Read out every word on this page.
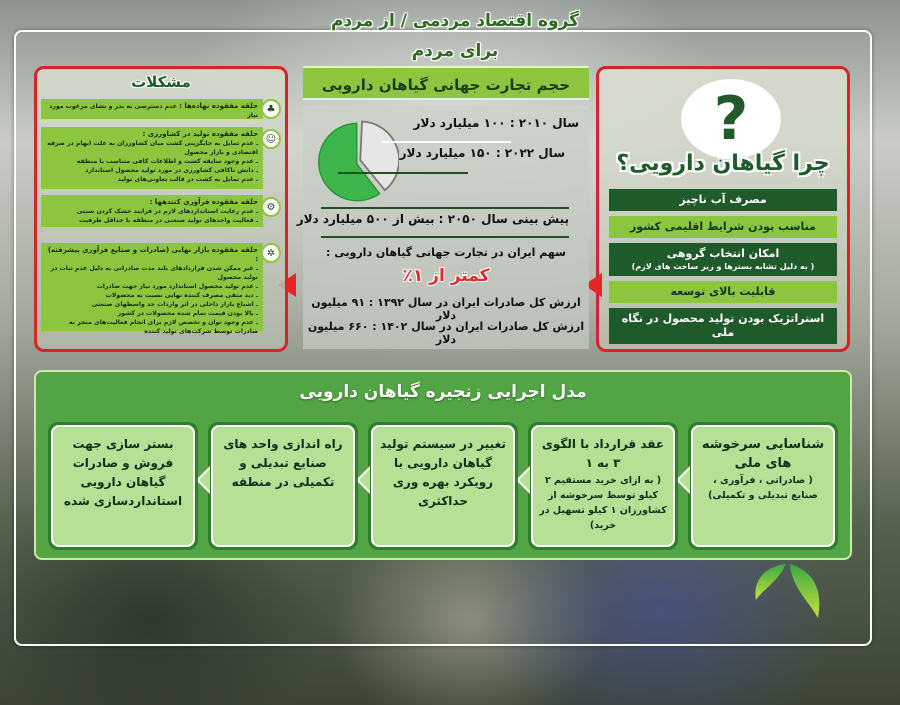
گروه اقتصاد مردمی / از مردم برای مردم
?
چرا گیاهان دارویی؟
مصرف آب ناچیز
مناسب بودن شرایط اقلیمی کشور
امکان انتخاب گروهی
( به دلیل تشابه بسترها و زیر ساخت های لازم)
قابلیت بالای توسعه
استراتژیک بودن تولید محصول در نگاه ملی
حجم تجارت جهانی گیاهان دارویی
سال ۲۰۱۰ : ۱۰۰ میلیارد دلار
سال ۲۰۲۲ : ۱۵۰ میلیارد دلار
پیش بینی سال ۲۰۵۰ : بیش از ۵۰۰ میلیارد دلار
سهم ایران در تجارت جهانی گیاهان دارویی :
کمتر از ۱٪
ارزش کل صادرات ایران در سال ۱۳۹۲ : ۹۱ میلیون دلار
ارزش کل صادرات ایران در سال ۱۴۰۲ : ۶۶۰ میلیون دلار
مشکلات
حلقه مفقوده نهاده‌ها : عدم دسترسی به بذر و نشای مرغوب مورد نیاز
♣
حلقه مفقوده تولید در کشاورزی :
ـ عدم تمایل به جایگزینی کشت میان کشاورزان به علت ابهام در صرفه اقتصادی و بازار محصول
ـ عدم وجود سابقه کشت و اطلاعات کافی متناسب با منطقه
ـ دانش ناکافی کشاورزی در مورد تولید محصول استاندارد
ـ عدم تمایل به کشت در قالب تعاونی‌های تولید
☺
حلقه مفقوده فرآوری کنندهها :
ـ عدم رعایت استانداردهای لازم در فرایند خشک کردن سنتی
ـ فعالیت واحدهای تولید صنعتی در منطقه با حداقل ظرفیت
⚙
حلقه مفقوده بازار نهایی (صادرات و صنایع فرآوری پیشرفته) :
ـ غیر ممکن شدن قراردادهای بلند مدت صادراتی به دلیل عدم ثبات در تولید محصول
ـ عدم تولید محصول استاندارد مورد نیاز جهت صادرات
ـ دید منفی مصرف کننده نهایی نسبت به محصولات
ـ اشباع بازار داخلی در اثر واردات حد واسطهای صنعتی
ـ بالا بودن قیمت تمام شده محصولات در کشور
ـ عدم وجود توان و تخصص لازم برای انجام فعالیت‌های منجر به صادرات توسط شرکت‌های تولید کننده
✲
مدل اجرایی زنجیره گیاهان دارویی
شناسایی سرخوشه های ملی
( صادراتی ، فرآوری ، صنایع تبدیلی و تکمیلی)
عقد قرارداد با الگوی ۳ به ۱
( به ازای خرید مستقیم ۲ کیلو توسط سرخوشه از کشاورزان ۱ کیلو تسهیل در خرید)
تغییر در سیستم تولید گیاهان دارویی با رویکرد بهره وری حداکثری
راه اندازی واحد های صنایع تبدیلی و تکمیلی در منطقه
بستر سازی جهت فروش و صادرات گیاهان دارویی استانداردسازی شده
